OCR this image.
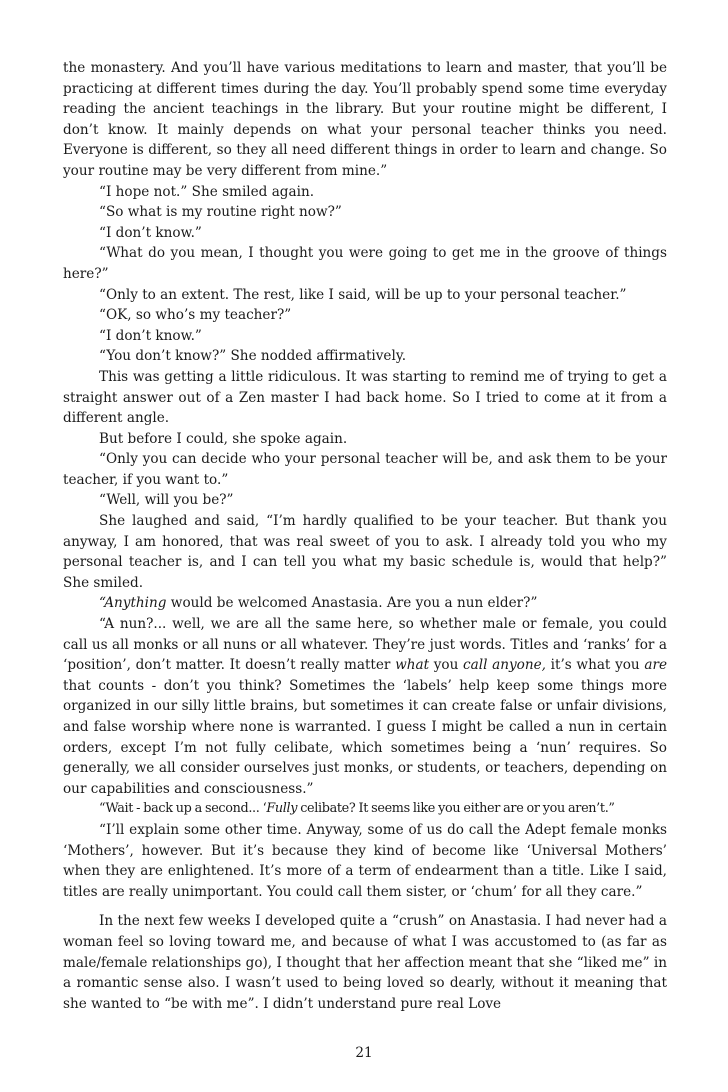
the monastery. And you’ll have various meditations to learn and master, that you’ll be practicing at different times during the day. You’ll probably spend some time everyday reading the ancient teachings in the library. But your routine might be different, I don’t know. It mainly depends on what your personal teacher thinks you need. Everyone is different, so they all need different things in order to learn and change. So your routine may be very different from mine.”

“I hope not.” She smiled again.

“So what is my routine right now?”

“I don’t know.”

“What do you mean, I thought you were going to get me in the groove of things here?”

“Only to an extent. The rest, like I said, will be up to your personal teacher.”

“OK, so who’s my teacher?”

“I don’t know.”

“You don’t know?” She nodded affirmatively.

This was getting a little ridiculous. It was starting to remind me of trying to get a straight answer out of a Zen master I had back home. So I tried to come at it from a different angle.

But before I could, she spoke again.

“Only you can decide who your personal teacher will be, and ask them to be your teacher, if you want to.”

“Well, will you be?”

She laughed and said, “I’m hardly qualified to be your teacher. But thank you anyway, I am honored, that was real sweet of you to ask. I already told you who my personal teacher is, and I can tell you what my basic schedule is, would that help?” She smiled.

“Anything would be welcomed Anastasia. Are you a nun elder?”

“A nun?... well, we are all the same here, so whether male or female, you could call us all monks or all nuns or all whatever. They’re just words. Titles and ‘ranks’ for a ‘position’, don’t matter. It doesn’t really matter what you call anyone, it’s what you are that counts - don’t you think? Sometimes the ‘labels’ help keep some things more organized in our silly little brains, but sometimes it can create false or unfair divisions, and false worship where none is warranted. I guess I might be called a nun in certain orders, except I’m not fully celibate, which sometimes being a ‘nun’ requires. So generally, we all consider ourselves just monks, or students, or teachers, depending on our capabilities and consciousness.”

“Wait - back up a second... ‘Fully celibate? It seems like you either are or you aren’t.”

“I’ll explain some other time. Anyway, some of us do call the Adept female monks ‘Mothers’, however. But it’s because they kind of become like ‘Universal Mothers’ when they are enlightened. It’s more of a term of endearment than a title. Like I said, titles are really unimportant. You could call them sister, or ‘chum’ for all they care.”

In the next few weeks I developed quite a “crush” on Anastasia. I had never had a woman feel so loving toward me, and because of what I was accustomed to (as far as male/female relationships go), I thought that her affection meant that she “liked me” in a romantic sense also. I wasn’t used to being loved so dearly, without it meaning that she wanted to “be with me”. I didn’t understand pure real Love

21
